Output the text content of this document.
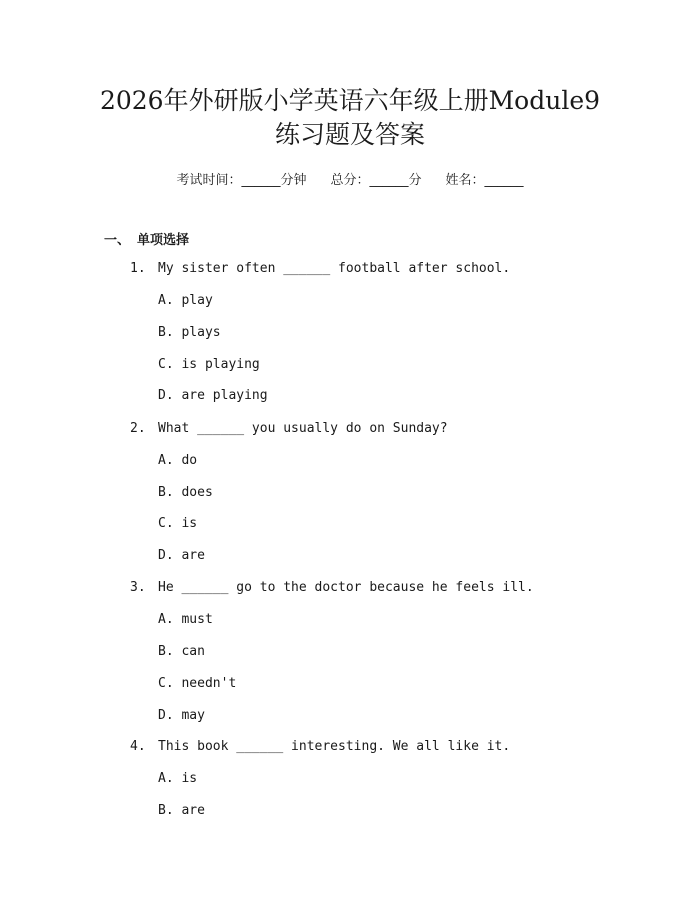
2026年外研版小学英语六年级上册Module9
练习题及答案
考试时间：______分钟 总分：______分 姓名：______
一、 单项选择
1. My sister often ______ football after school.
A. play
B. plays
C. is playing
D. are playing
2. What ______ you usually do on Sunday?
A. do
B. does
C. is
D. are
3. He ______ go to the doctor because he feels ill.
A. must
B. can
C. needn't
D. may
4. This book ______ interesting. We all like it.
A. is
B. are
